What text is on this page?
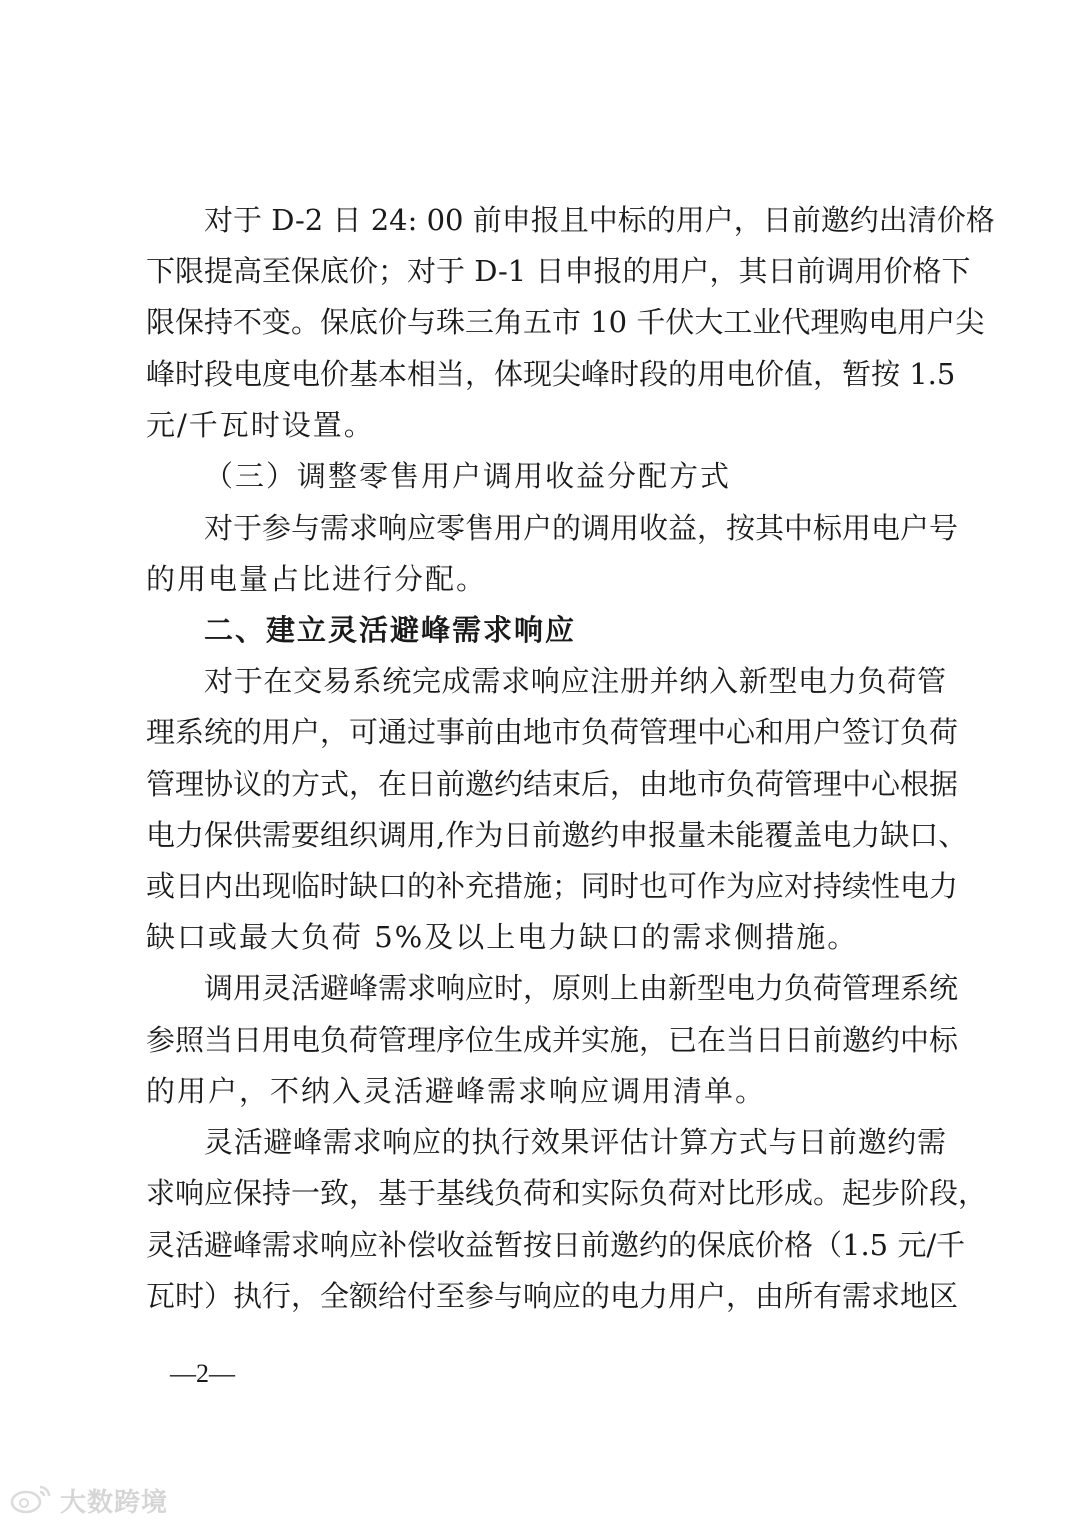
对于 D-2 日 24: 00 前申报且中标的用户，日前邀约出清价格
下限提高至保底价；对于 D-1 日申报的用户，其日前调用价格下
限保持不变。保底价与珠三角五市 10 千伏大工业代理购电用户尖
峰时段电度电价基本相当，体现尖峰时段的用电价值，暂按 1.5
元/千瓦时设置。
（三）调整零售用户调用收益分配方式
对于参与需求响应零售用户的调用收益，按其中标用电户号
的用电量占比进行分配。
二、建立灵活避峰需求响应
对于在交易系统完成需求响应注册并纳入新型电力负荷管
理系统的用户，可通过事前由地市负荷管理中心和用户签订负荷
管理协议的方式，在日前邀约结束后，由地市负荷管理中心根据
电力保供需要组织调用,作为日前邀约申报量未能覆盖电力缺口、
或日内出现临时缺口的补充措施；同时也可作为应对持续性电力
缺口或最大负荷 5%及以上电力缺口的需求侧措施。
调用灵活避峰需求响应时，原则上由新型电力负荷管理系统
参照当日用电负荷管理序位生成并实施，已在当日日前邀约中标
的用户，不纳入灵活避峰需求响应调用清单。
灵活避峰需求响应的执行效果评估计算方式与日前邀约需
求响应保持一致，基于基线负荷和实际负荷对比形成。起步阶段，
灵活避峰需求响应补偿收益暂按日前邀约的保底价格（1.5 元/千
瓦时）执行，全额给付至参与响应的电力用户，由所有需求地区
—2—
大数跨境
